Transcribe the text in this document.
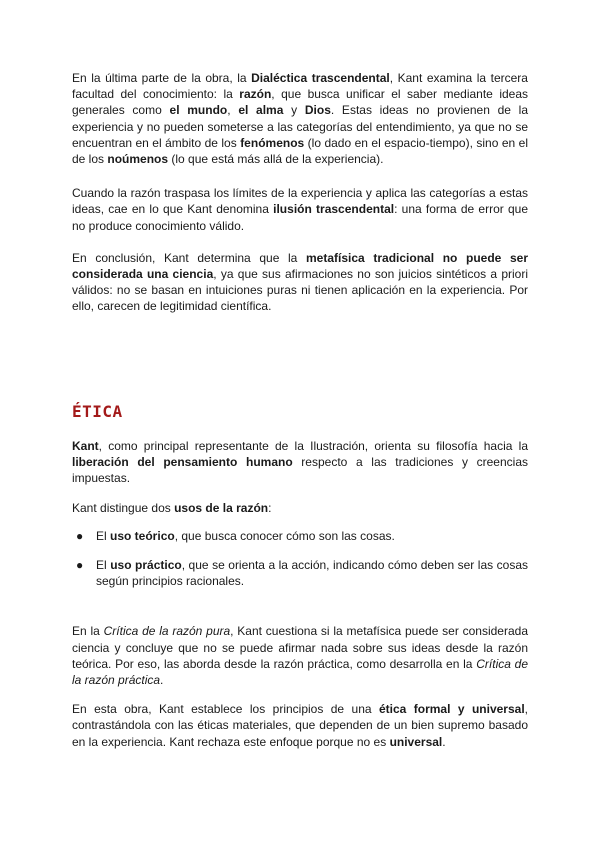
En la última parte de la obra, la Dialéctica trascendental, Kant examina la tercera facultad del conocimiento: la razón, que busca unificar el saber mediante ideas generales como el mundo, el alma y Dios. Estas ideas no provienen de la experiencia y no pueden someterse a las categorías del entendimiento, ya que no se encuentran en el ámbito de los fenómenos (lo dado en el espacio-tiempo), sino en el de los noúmenos (lo que está más allá de la experiencia).

Cuando la razón traspasa los límites de la experiencia y aplica las categorías a estas ideas, cae en lo que Kant denomina ilusión trascendental: una forma de error que no produce conocimiento válido.

En conclusión, Kant determina que la metafísica tradicional no puede ser considerada una ciencia, ya que sus afirmaciones no son juicios sintéticos a priori válidos: no se basan en intuiciones puras ni tienen aplicación en la experiencia. Por ello, carecen de legitimidad científica.

ÉTICA

Kant, como principal representante de la Ilustración, orienta su filosofía hacia la liberación del pensamiento humano respecto a las tradiciones y creencias impuestas.

Kant distingue dos usos de la razón:

● El uso teórico, que busca conocer cómo son las cosas.
● El uso práctico, que se orienta a la acción, indicando cómo deben ser las cosas según principios racionales.

En la Crítica de la razón pura, Kant cuestiona si la metafísica puede ser considerada ciencia y concluye que no se puede afirmar nada sobre sus ideas desde la razón teórica. Por eso, las aborda desde la razón práctica, como desarrolla en la Crítica de la razón práctica.

En esta obra, Kant establece los principios de una ética formal y universal, contrastándola con las éticas materiales, que dependen de un bien supremo basado en la experiencia. Kant rechaza este enfoque porque no es universal.
